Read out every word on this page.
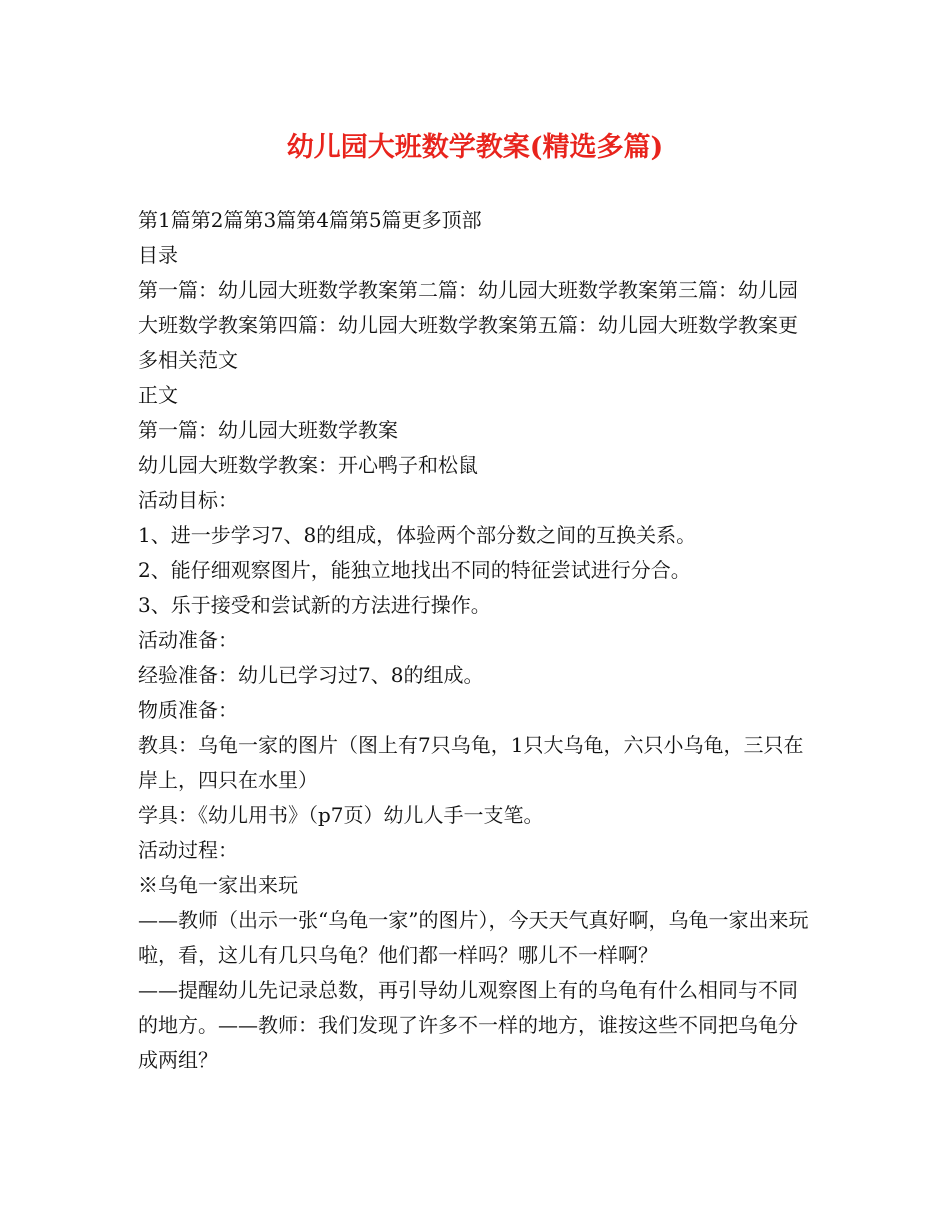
幼儿园大班数学教案(精选多篇)

第1篇第2篇第3篇第4篇第5篇更多顶部

目录

第一篇：幼儿园大班数学教案第二篇：幼儿园大班数学教案第三篇：幼儿园大班数学教案第四篇：幼儿园大班数学教案第五篇：幼儿园大班数学教案更多相关范文

正文

第一篇：幼儿园大班数学教案

幼儿园大班数学教案：开心鸭子和松鼠

活动目标：

1、进一步学习7、8的组成，体验两个部分数之间的互换关系。

2、能仔细观察图片，能独立地找出不同的特征尝试进行分合。

3、乐于接受和尝试新的方法进行操作。

活动准备：

经验准备：幼儿已学习过7、8的组成。

物质准备：

教具：乌龟一家的图片（图上有7只乌龟，1只大乌龟，六只小乌龟，三只在岸上，四只在水里）

学具：《幼儿用书》（p7页）幼儿人手一支笔。

活动过程：

※乌龟一家出来玩

——教师（出示一张“乌龟一家”的图片），今天天气真好啊，乌龟一家出来玩啦，看，这儿有几只乌龟？他们都一样吗？哪儿不一样啊？

——提醒幼儿先记录总数，再引导幼儿观察图上有的乌龟有什么相同与不同的地方。——教师：我们发现了许多不一样的地方，谁按这些不同把乌龟分成两组？
